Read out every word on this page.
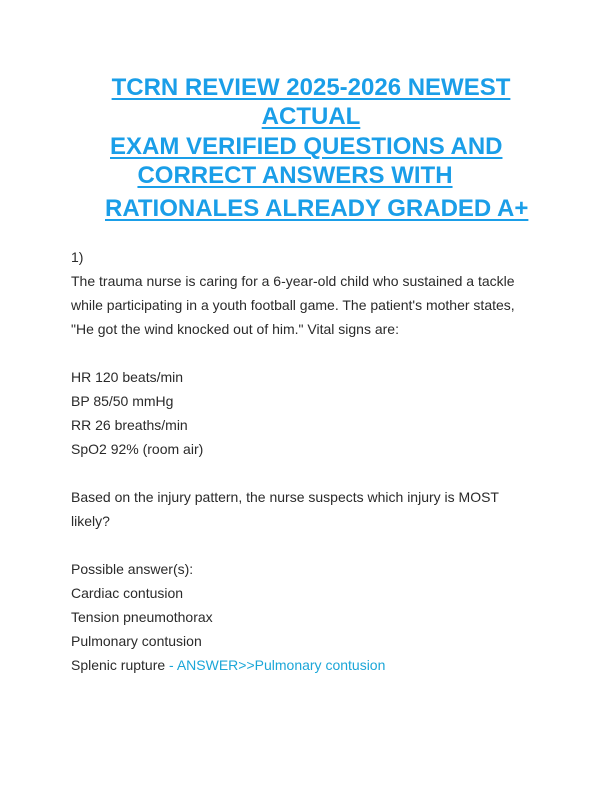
TCRN REVIEW 2025-2026 NEWEST
ACTUAL
EXAM VERIFIED QUESTIONS AND
CORRECT ANSWERS WITH
RATIONALES ALREADY GRADED A+
1)
The trauma nurse is caring for a 6-year-old child who sustained a tackle
while participating in a youth football game. The patient's mother states,
"He got the wind knocked out of him." Vital signs are:
HR 120 beats/min
BP 85/50 mmHg
RR 26 breaths/min
SpO2 92% (room air)
Based on the injury pattern, the nurse suspects which injury is MOST
likely?
Possible answer(s):
Cardiac contusion
Tension pneumothorax
Pulmonary contusion
Splenic rupture - ANSWER>>Pulmonary contusion
